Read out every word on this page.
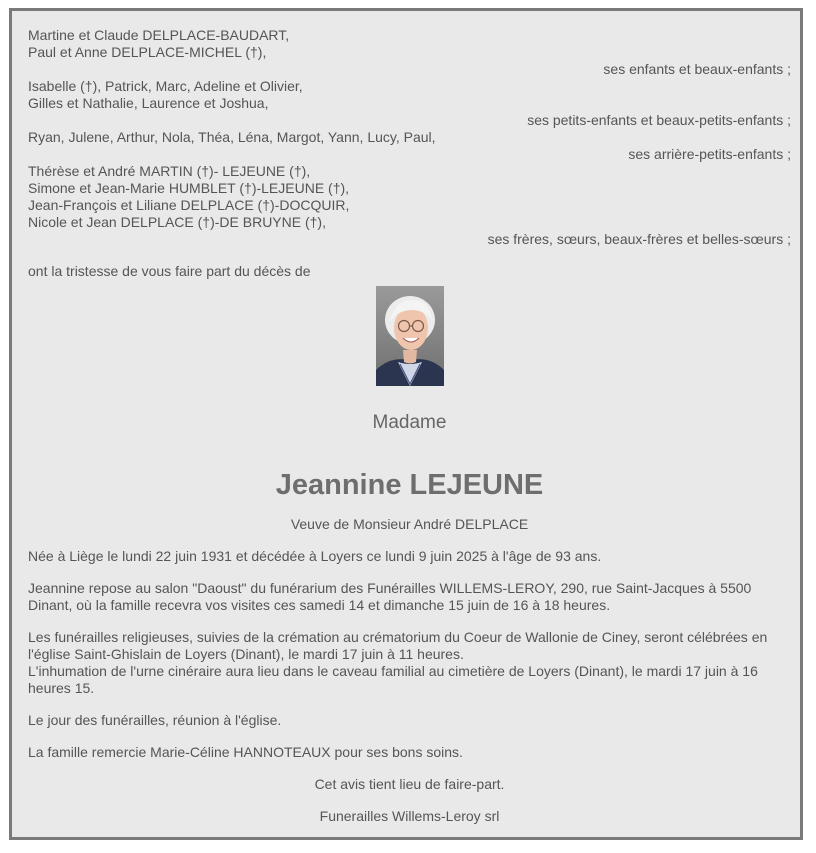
Martine et Claude DELPLACE-BAUDART,
Paul et Anne DELPLACE-MICHEL (†),
ses enfants et beaux-enfants ;
Isabelle (†), Patrick, Marc, Adeline et Olivier,
Gilles et Nathalie, Laurence et Joshua,
ses petits-enfants et beaux-petits-enfants ;
Ryan, Julene, Arthur, Nola, Théa, Léna, Margot, Yann, Lucy, Paul,
ses arrière-petits-enfants ;
Thérèse et André MARTIN (†)- LEJEUNE (†),
Simone et Jean-Marie HUMBLET (†)-LEJEUNE (†),
Jean-François et Liliane DELPLACE (†)-DOCQUIR,
Nicole et Jean DELPLACE (†)-DE BRUYNE (†),
ses frères, sœurs, beaux-frères et belles-sœurs ;
ont la tristesse de vous faire part du décès de
Madame
Jeannine LEJEUNE
Veuve de Monsieur André DELPLACE

Née à Liège le lundi 22 juin 1931 et décédée à Loyers ce lundi 9 juin 2025 à l'âge de 93 ans.

Jeannine repose au salon "Daoust" du funérarium des Funérailles WILLEMS-LEROY, 290, rue Saint-Jacques à 5500 Dinant, où la famille recevra vos visites ces samedi 14 et dimanche 15 juin de 16 à 18 heures.

Les funérailles religieuses, suivies de la crémation au crématorium du Coeur de Wallonie de Ciney, seront célébrées en l'église Saint-Ghislain de Loyers (Dinant), le mardi 17 juin à 11 heures.

L'inhumation de l'urne cinéraire aura lieu dans le caveau familial au cimetière de Loyers (Dinant), le mardi 17 juin à 16 heures 15.

Le jour des funérailles, réunion à l'église.

La famille remercie Marie-Céline HANNOTEAUX pour ses bons soins.

Cet avis tient lieu de faire-part.

Funerailles Willems-Leroy srl
